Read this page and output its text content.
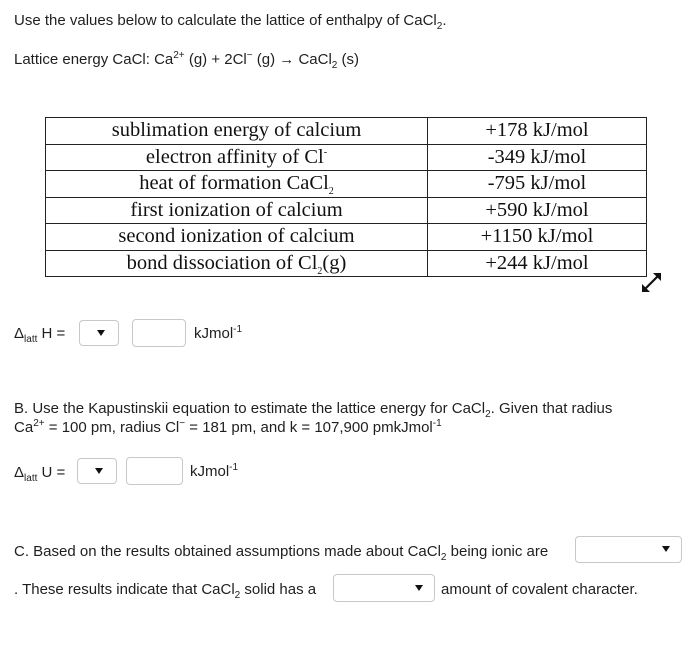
Use the values below to calculate the lattice of enthalpy of CaCl$_2$.
Lattice energy CaCl: $Ca^{2+}$ (g) + 2Cl− (g) → CaCl$_2$ (s)
sublimation energy of calcium	+178 kJ/mol
electron affinity of Cl-	-349 kJ/mol
heat of formation CaCl$_2$	-795 kJ/mol
first ionization of calcium	+590 kJ/mol
second ionization of calcium	+1150 kJ/mol
bond dissociation of $Cl_2(g)$	+244 kJ/mol
$\Delta_{latt}$ H =	kJmol$^{-1}$
B. Use the Kapustinskii equation to estimate the lattice energy for CaCl$_2$. Given that radius
$Ca^{2+} = 100$ pm, radius Cl− = 181 pm, and k = 107,900 pmkJmol$^{-1}$
$\Delta_{latt}$ U =	kJmol$^{-1}$
C. Based on the results obtained assumptions made about CaCl$_2$ being ionic are
. These results indicate that CaCl$_2$ solid has a	amount of covalent character.
